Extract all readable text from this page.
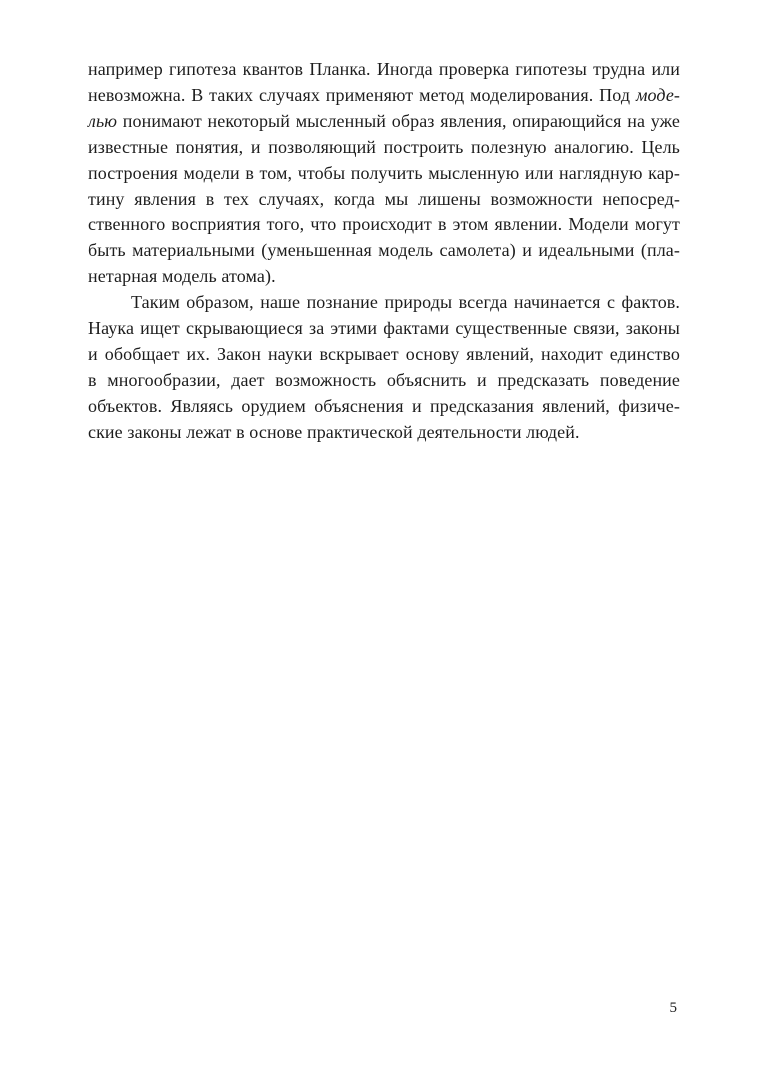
например гипотеза квантов Планка. Иногда проверка гипотезы трудна или
невозможна. В таких случаях применяют метод моделирования. Под моде-
лью понимают некоторый мысленный образ явления, опирающийся на уже
известные понятия, и позволяющий построить полезную аналогию. Цель
построения модели в том, чтобы получить мысленную или наглядную кар-
тину явления в тех случаях, когда мы лишены возможности непосред-
ственного восприятия того, что происходит в этом явлении. Модели могут
быть материальными (уменьшенная модель самолета) и идеальными (пла-
нетарная модель атома).
Таким образом, наше познание природы всегда начинается с фактов.
Наука ищет скрывающиеся за этими фактами существенные связи, законы
и обобщает их. Закон науки вскрывает основу явлений, находит единство
в многообразии, дает возможность объяснить и предсказать поведение
объектов. Являясь орудием объяснения и предсказания явлений, физиче-
ские законы лежат в основе практической деятельности людей.
5
